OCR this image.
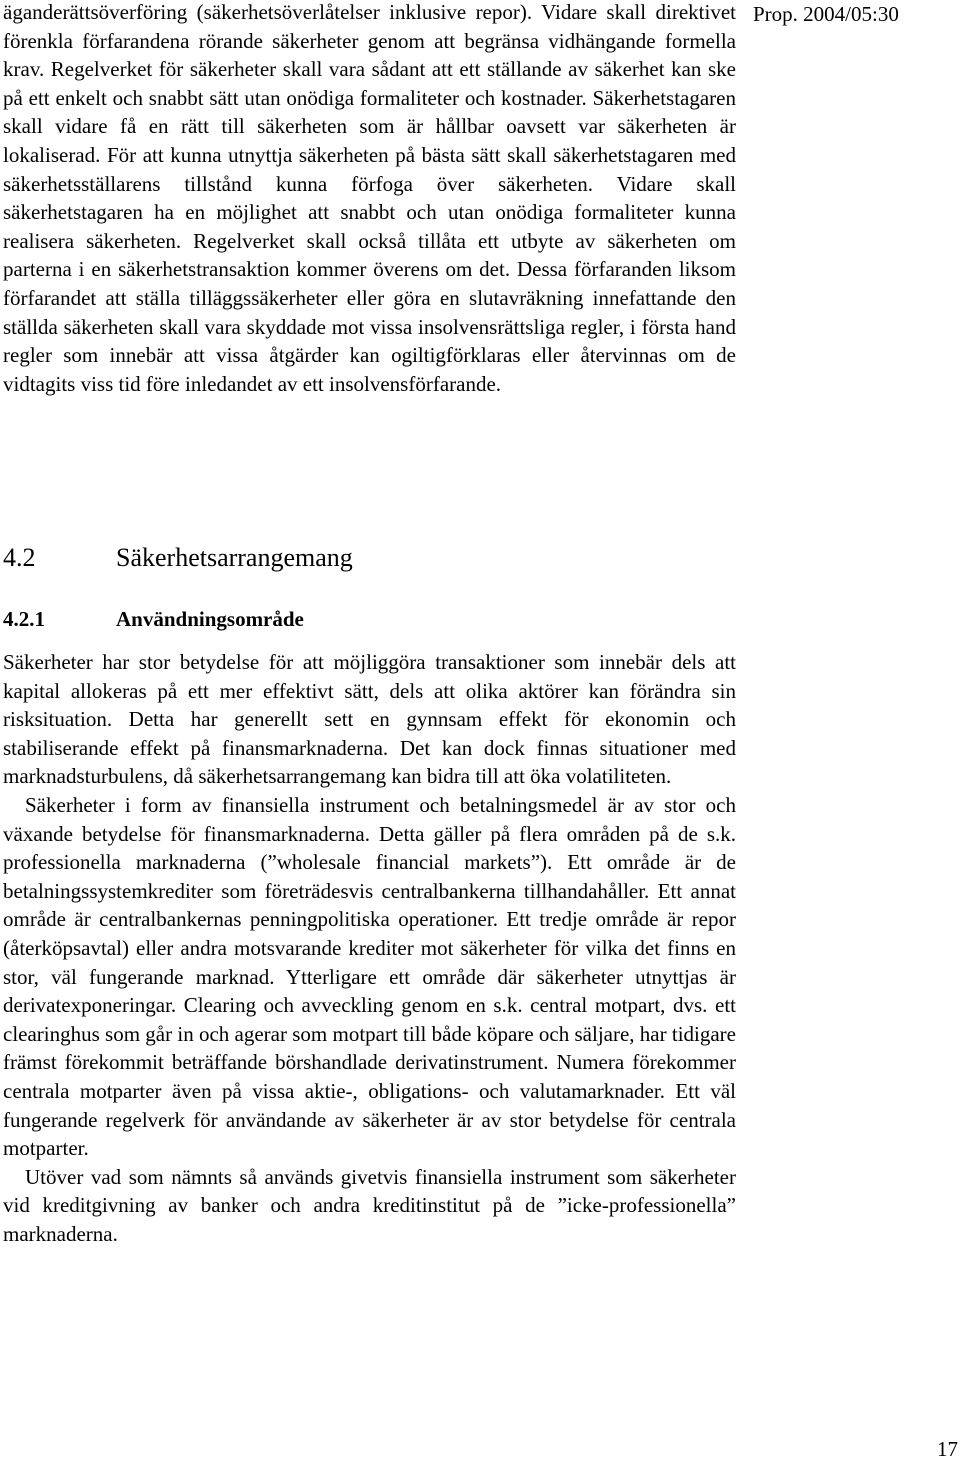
Prop. 2004/05:30

äganderättsöverföring (säkerhetsöverlåtelser inklusive repor). Vidare skall direktivet förenkla förfarandena rörande säkerheter genom att begränsa vidhängande formella krav. Regelverket för säkerheter skall vara sådant att ett ställande av säkerhet kan ske på ett enkelt och snabbt sätt utan onödiga formaliteter och kostnader. Säkerhetstagaren skall vidare få en rätt till säkerheten som är hållbar oavsett var säkerheten är lokaliserad. För att kunna utnyttja säkerheten på bästa sätt skall säkerhetstagaren med säkerhetsställarens tillstånd kunna förfoga över säkerheten. Vidare skall säkerhetstagaren ha en möjlighet att snabbt och utan onödiga formaliteter kunna realisera säkerheten. Regelverket skall också tillåta ett utbyte av säkerheten om parterna i en säkerhetstransaktion kommer överens om det. Dessa förfaranden liksom förfarandet att ställa tilläggssäkerheter eller göra en slutavräkning innefattande den ställda säkerheten skall vara skyddade mot vissa insolvensrättsliga regler, i första hand regler som innebär att vissa åtgärder kan ogiltigförklaras eller återvinnas om de vidtagits viss tid före inledandet av ett insolvensförfarande.

4.2	Säkerhetsarrangemang
4.2.1	Användningsområde

Säkerheter har stor betydelse för att möjliggöra transaktioner som innebär dels att kapital allokeras på ett mer effektivt sätt, dels att olika aktörer kan förändra sin risksituation. Detta har generellt sett en gynnsam effekt för ekonomin och stabiliserande effekt på finansmarknaderna. Det kan dock finnas situationer med marknadsturbulens, då säkerhetsarrangemang kan bidra till att öka volatiliteten.

Säkerheter i form av finansiella instrument och betalningsmedel är av stor och växande betydelse för finansmarknaderna. Detta gäller på flera områden på de s.k. professionella marknaderna (”wholesale financial markets”). Ett område är de betalningssystemkrediter som företrädesvis centralbankerna tillhandahåller. Ett annat område är centralbankernas penningpolitiska operationer. Ett tredje område är repor (återköpsavtal) eller andra motsvarande krediter mot säkerheter för vilka det finns en stor, väl fungerande marknad. Ytterligare ett område där säkerheter utnyttjas är derivatexponeringar. Clearing och avveckling genom en s.k. central motpart, dvs. ett clearinghus som går in och agerar som motpart till både köpare och säljare, har tidigare främst förekommit beträffande börshandlade derivatinstrument. Numera förekommer centrala motparter även på vissa aktie-, obligations- och valutamarknader. Ett väl fungerande regelverk för användande av säkerheter är av stor betydelse för centrala motparter.

Utöver vad som nämnts så används givetvis finansiella instrument som säkerheter vid kreditgivning av banker och andra kreditinstitut på de ”icke-professionella” marknaderna.

17
